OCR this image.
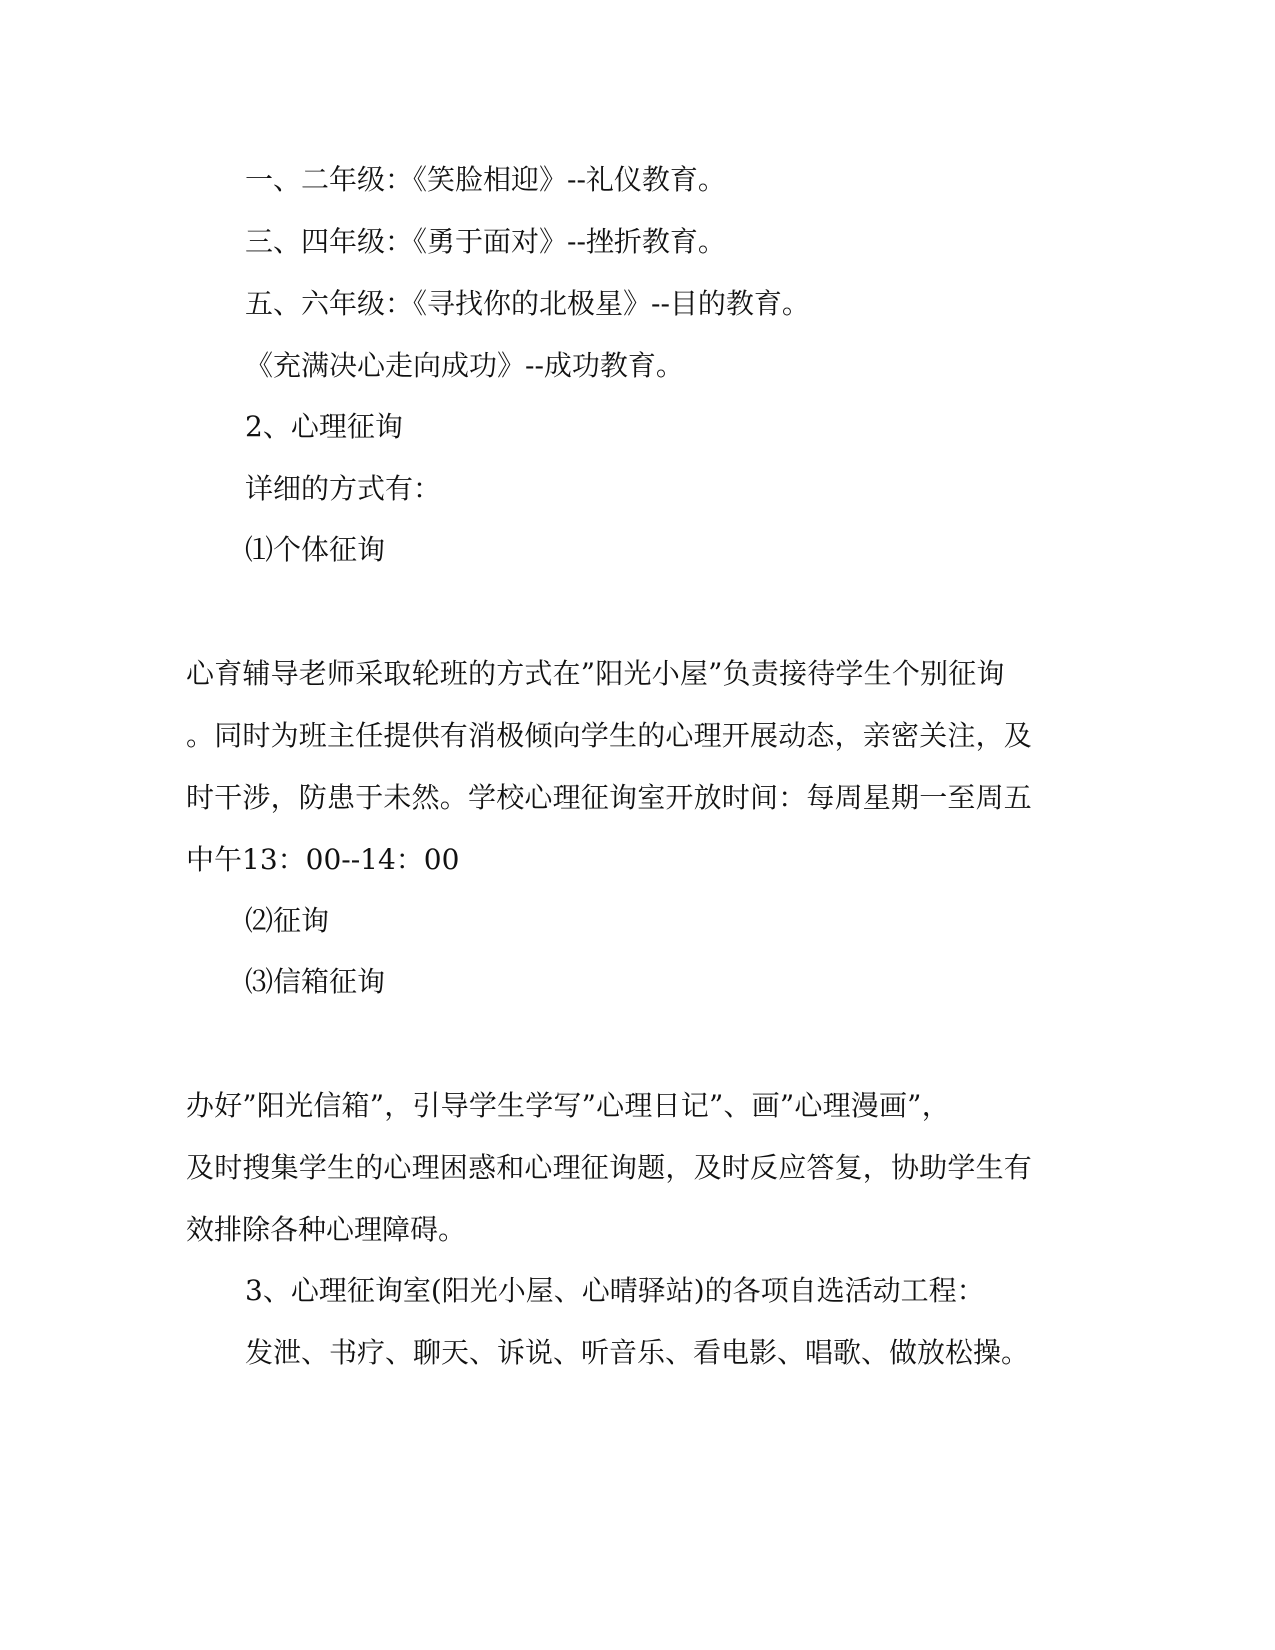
一、二年级：《笑脸相迎》--礼仪教育。
三、四年级：《勇于面对》--挫折教育。
五、六年级：《寻找你的北极星》--目的教育。
《充满决心走向成功》--成功教育。
2、心理征询
详细的方式有：
⑴个体征询
心育辅导老师采取轮班的方式在”阳光小屋”负责接待学生个别征询
。同时为班主任提供有消极倾向学生的心理开展动态，亲密关注，及
时干涉，防患于未然。学校心理征询室开放时间：每周星期一至周五
中午13：00--14：00
⑵征询
⑶信箱征询
办好”阳光信箱”，引导学生学写”心理日记”、画”心理漫画”，
及时搜集学生的心理困惑和心理征询题，及时反应答复，协助学生有
效排除各种心理障碍。
3、心理征询室(阳光小屋、心晴驿站)的各项自选活动工程：
发泄、书疗、聊天、诉说、听音乐、看电影、唱歌、做放松操。
